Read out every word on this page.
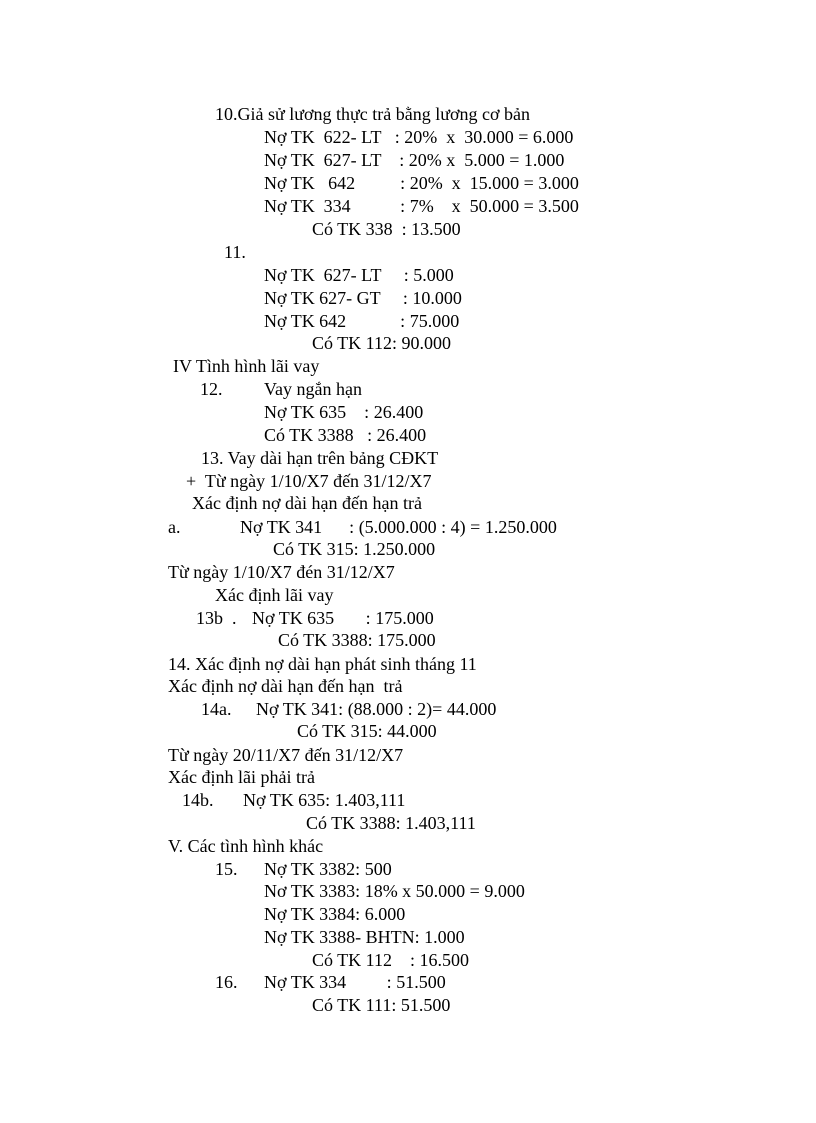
10.Giả sử lương thực trả bằng lương cơ bản
Nợ TK  622- LT   : 20%  x  30.000 = 6.000
Nợ TK  627- LT    : 20% x  5.000 = 1.000
Nợ TK   642          : 20%  x  15.000 = 3.000
Nợ TK  334           : 7%    x  50.000 = 3.500
Có TK 338  : 13.500
11.
Nợ TK  627- LT     : 5.000
Nợ TK 627- GT     : 10.000
Nợ TK 642            : 75.000
Có TK 112: 90.000
IV Tình hình lãi vay
12. Vay ngắn hạn
Nợ TK 635    : 26.400
Có TK 3388   : 26.400
13. Vay dài hạn trên bảng CĐKT
+  Từ ngày 1/10/X7 đến 31/12/X7
Xác định nợ dài hạn đến hạn trả
a.	Nợ TK 341      : (5.000.000 : 4) = 1.250.000
Có TK 315: 1.250.000
Từ ngày 1/10/X7 đén 31/12/X7
Xác định lãi vay
13b  . Nợ TK 635       : 175.000
Có TK 3388: 175.000
14. Xác định nợ dài hạn phát sinh tháng 11
Xác định nợ dài hạn đến hạn  trả
14a. Nợ TK 341: (88.000 : 2)= 44.000
Có TK 315: 44.000
Từ ngày 20/11/X7 đến 31/12/X7
Xác định lãi phải trả
14b. Nợ TK 635: 1.403,111
Có TK 3388: 1.403,111
V. Các tình hình khác
15. Nợ TK 3382: 500
Nơ TK 3383: 18% x 50.000 = 9.000
Nợ TK 3384: 6.000
Nợ TK 3388- BHTN: 1.000
Có TK 112    : 16.500
16. Nợ TK 334         : 51.500
Có TK 111: 51.500
